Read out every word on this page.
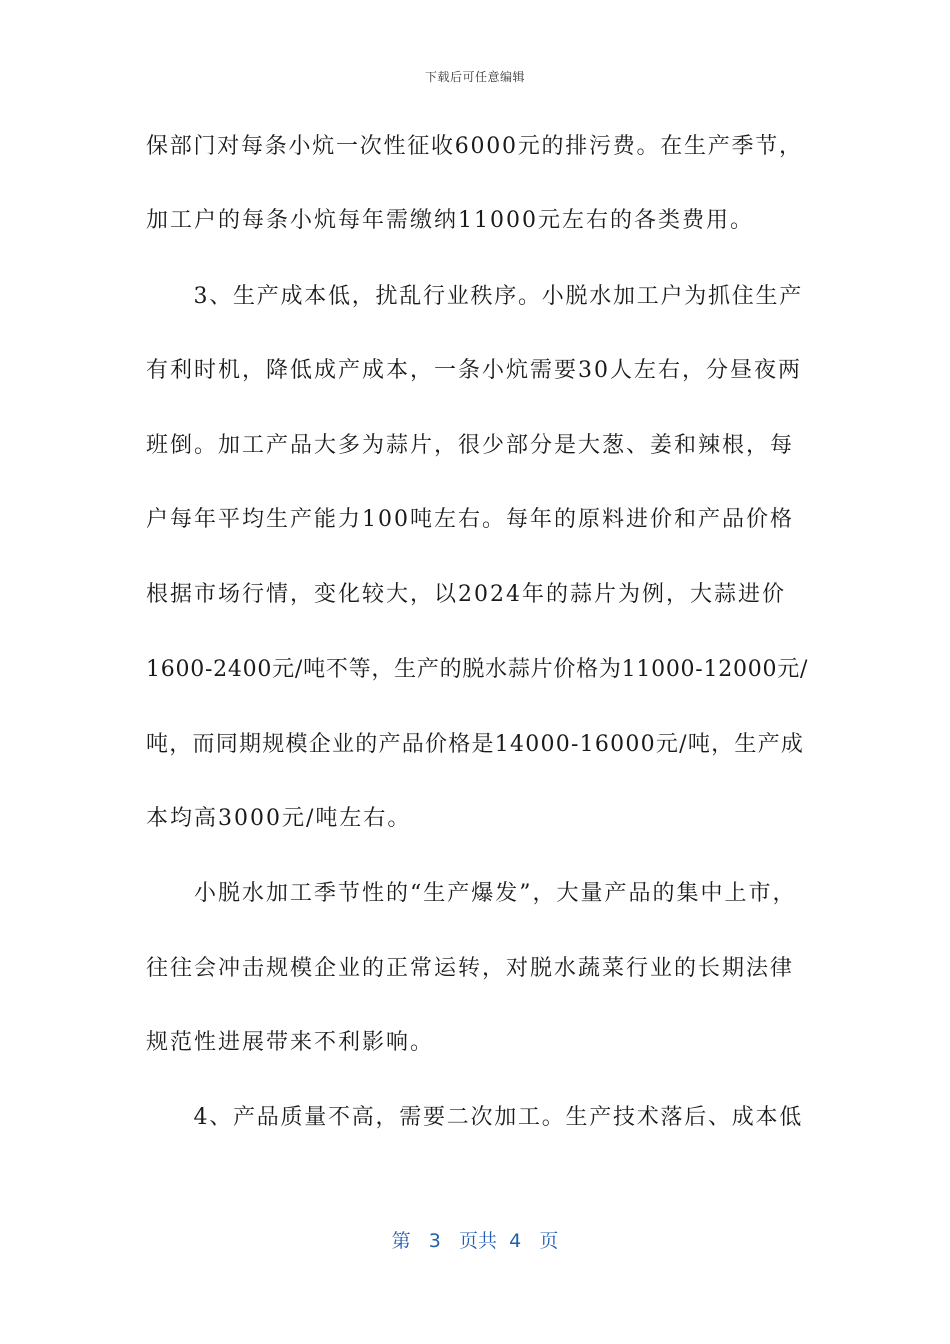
下载后可任意编辑
保部门对每条小炕一次性征收6000元的排污费。在生产季节，
加工户的每条小炕每年需缴纳11000元左右的各类费用。
　　3、生产成本低，扰乱行业秩序。小脱水加工户为抓住生产
有利时机，降低成产成本，一条小炕需要30人左右，分昼夜两
班倒。加工产品大多为蒜片，很少部分是大葱、姜和辣根，每
户每年平均生产能力100吨左右。每年的原料进价和产品价格
根据市场行情，变化较大，以2024年的蒜片为例，大蒜进价
1600-2400元/吨不等，生产的脱水蒜片价格为11000-12000元/
吨，而同期规模企业的产品价格是14000-16000元/吨，生产成
本均高3000元/吨左右。
　　小脱水加工季节性的“生产爆发”，大量产品的集中上市，
往往会冲击规模企业的正常运转，对脱水蔬菜行业的长期法律
规范性进展带来不利影响。
　　4、产品质量不高，需要二次加工。生产技术落后、成本低
第 3 页共 4 页
